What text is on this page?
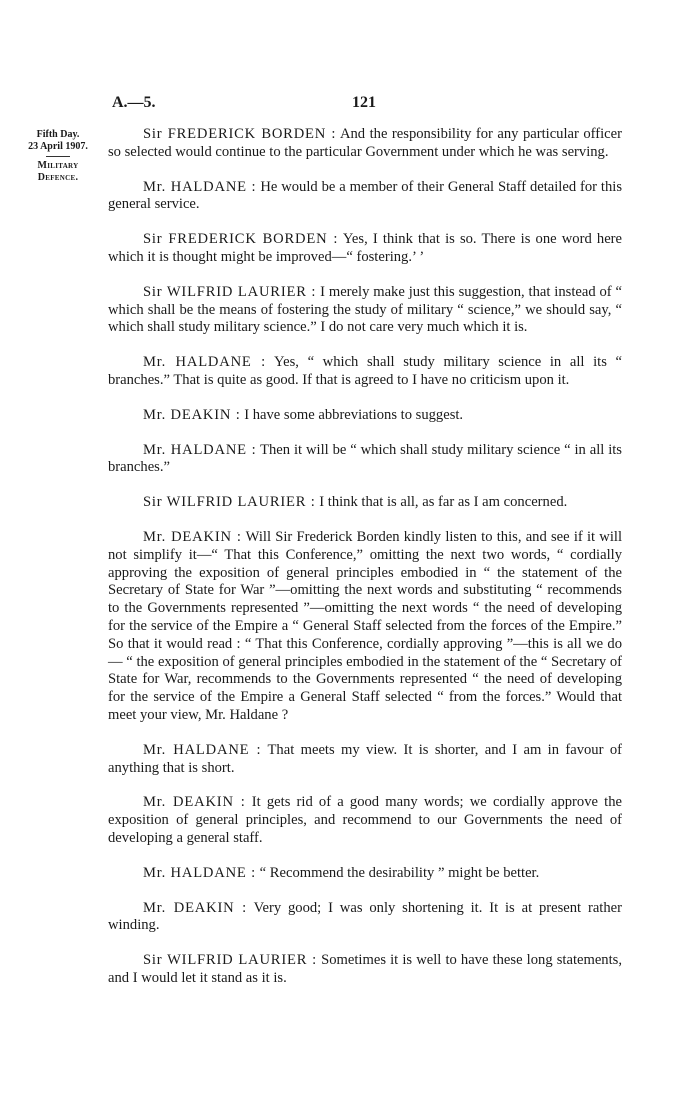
A.—5.	121
Fifth Day.
23 April 1907.
Military
Defence.

Sir FREDERICK BORDEN : And the responsibility for any particular officer so selected would continue to the particular Government under which he was serving.

Mr. HALDANE : He would be a member of their General Staff detailed for this general service.

Sir FREDERICK BORDEN : Yes, I think that is so. There is one word here which it is thought might be improved—“ fostering.’ ’

Sir WILFRID LAURIER : I merely make just this suggestion, that instead of “ which shall be the means of fostering the study of military “ science,” we should say, “ which shall study military science.” I do not care very much which it is.

Mr. HALDANE : Yes, “ which shall study military science in all its “ branches.” That is quite as good. If that is agreed to I have no criticism upon it.

Mr. DEAKIN : I have some abbreviations to suggest.

Mr. HALDANE : Then it will be “ which shall study military science “ in all its branches.”

Sir WILFRID LAURIER : I think that is all, as far as I am concerned.

Mr. DEAKIN : Will Sir Frederick Borden kindly listen to this, and see if it will not simplify it—“ That this Conference,” omitting the next two words, “ cordially approving the exposition of general principles embodied in “ the statement of the Secretary of State for War ”—omitting the next words and substituting “ recommends to the Governments represented ”—omitting the next words “ the need of developing for the service of the Empire a “ General Staff selected from the forces of the Empire.” So that it would read : “ That this Conference, cordially approving ”—this is all we do— “ the exposition of general principles embodied in the statement of the “ Secretary of State for War, recommends to the Governments represented “ the need of developing for the service of the Empire a General Staff selected “ from the forces.” Would that meet your view, Mr. Haldane ?

Mr. HALDANE : That meets my view. It is shorter, and I am in favour of anything that is short.

Mr. DEAKIN : It gets rid of a good many words; we cordially approve the exposition of general principles, and recommend to our Governments the need of developing a general staff.

Mr. HALDANE : “ Recommend the desirability ” might be better.

Mr. DEAKIN : Very good; I was only shortening it. It is at present rather winding.

Sir WILFRID LAURIER : Sometimes it is well to have these long statements, and I would let it stand as it is.
